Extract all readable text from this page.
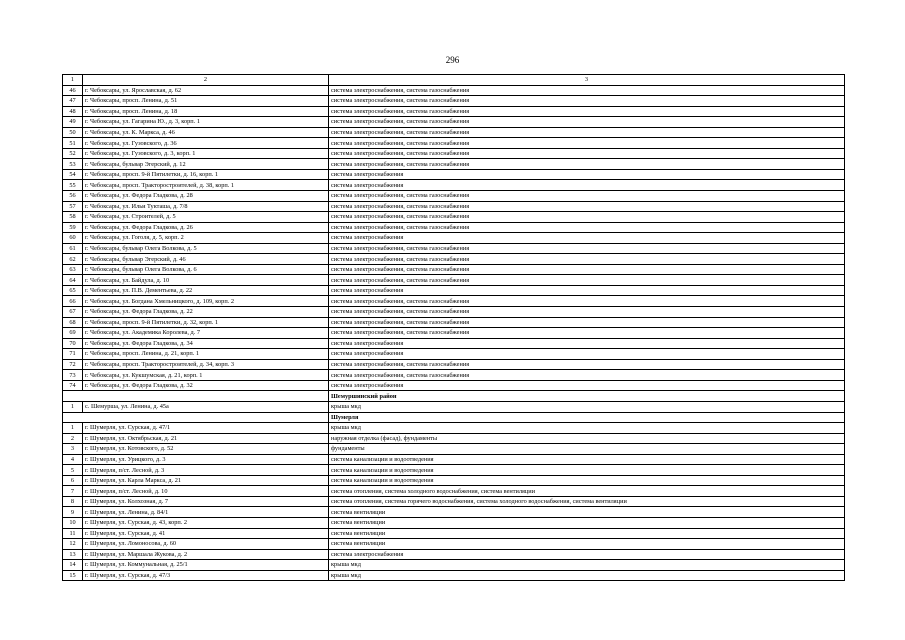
296
1	2	3
46	г. Чебоксары, ул. Ярославская, д. 62	система электроснабжения, система газоснабжения
47	г. Чебоксары, просп. Ленина, д. 51	система электроснабжения, система газоснабжения
48	г. Чебоксары, просп. Ленина, д. 18	система электроснабжения, система газоснабжения
49	г. Чебоксары, ул. Гагарина Ю., д. 3, корп. 1	система электроснабжения, система газоснабжения
50	г. Чебоксары, ул. К. Маркса, д. 46	система электроснабжения, система газоснабжения
51	г. Чебоксары, ул. Гузовского, д. 36	система электроснабжения, система газоснабжения
52	г. Чебоксары, ул. Гузовского, д. 3, корп. 1	система электроснабжения, система газоснабжения
53	г. Чебоксары, бульвар Эгерский, д. 12	система электроснабжения, система газоснабжения
54	г. Чебоксары, просп. 9-й Пятилетки, д. 16, корп. 1	система электроснабжения
55	г. Чебоксары, просп. Тракторостроителей, д. 38, корп. 1	система электроснабжения
56	г. Чебоксары, ул. Федора Гладкова, д. 28	система электроснабжения, система газоснабжения
57	г. Чебоксары, ул. Ильи Тукташа, д. 7/8	система электроснабжения, система газоснабжения
58	г. Чебоксары, ул. Строителей, д. 5	система электроснабжения, система газоснабжения
59	г. Чебоксары, ул. Федора Гладкова, д. 26	система электроснабжения, система газоснабжения
60	г. Чебоксары, ул. Гоголя, д. 5, корп. 2	система электроснабжения
61	г. Чебоксары, бульвар Олега Волкова, д. 5	система электроснабжения, система газоснабжения
62	г. Чебоксары, бульвар Эгерский, д. 46	система электроснабжения, система газоснабжения
63	г. Чебоксары, бульвар Олега Волкова, д. 6	система электроснабжения, система газоснабжения
64	г. Чебоксары, ул. Байдула, д. 10	система электроснабжения, система газоснабжения
65	г. Чебоксары, ул. П.В. Дементьева, д. 22	система электроснабжения
66	г. Чебоксары, ул. Богдана Хмельницкого, д. 109, корп. 2	система электроснабжения, система газоснабжения
67	г. Чебоксары, ул. Федора Гладкова, д. 22	система электроснабжения, система газоснабжения
68	г. Чебоксары, просп. 9-й Пятилетки, д. 32, корп. 1	система электроснабжения, система газоснабжения
69	г. Чебоксары, ул. Академика Королева, д. 7	система электроснабжения, система газоснабжения
70	г. Чебоксары, ул. Федора Гладкова, д. 34	система электроснабжения
71	г. Чебоксары, просп. Ленина, д. 21, корп. 1	система электроснабжения
72	г. Чебоксары, просп. Тракторостроителей, д. 34, корп. 3	система электроснабжения, система газоснабжения
73	г. Чебоксары, ул. Кукшумская, д. 21, корп. 1	система электроснабжения, система газоснабжения
74	г. Чебоксары, ул. Федора Гладкова, д. 32	система электроснабжения
		Шемуршинский район
1	с. Шемурша, ул. Ленина, д. 45а	крыша мкд
		Шумерля
1	г. Шумерля, ул. Сурская, д. 47/1	крыша мкд
2	г. Шумерля, ул. Октябрьская, д. 21	наружная отделка (фасад), фундаменты
3	г. Шумерля, ул. Котовского, д. 52	фундаменты
4	г. Шумерля, ул. Урицкого, д. 3	система канализации и водоотведения
5	г. Шумерля, п/ст. Лесной, д. 3	система канализации и водоотведения
6	г. Шумерля, ул. Карла Маркса, д. 21	система канализации и водоотведения
7	г. Шумерля, п/ст. Лесной, д. 10	система отопления, система холодного водоснабжения, система вентиляции
8	г. Шумерля, ул. Колхозная, д. 7	система отопления, система горячего водоснабжения, система холодного водоснабжения, система вентиляции
9	г. Шумерля, ул. Ленина, д. 84/1	система вентиляции
10	г. Шумерля, ул. Сурская, д. 43, корп. 2	система вентиляции
11	г. Шумерля, ул. Сурская, д. 41	система вентиляции
12	г. Шумерля, ул. Ломоносова, д. 60	система вентиляции
13	г. Шумерля, ул. Маршала Жукова, д. 2	система электроснабжения
14	г. Шумерля, ул. Коммунальная, д. 25/1	крыша мкд
15	г. Шумерля, ул. Сурская, д. 47/3	крыша мкд
